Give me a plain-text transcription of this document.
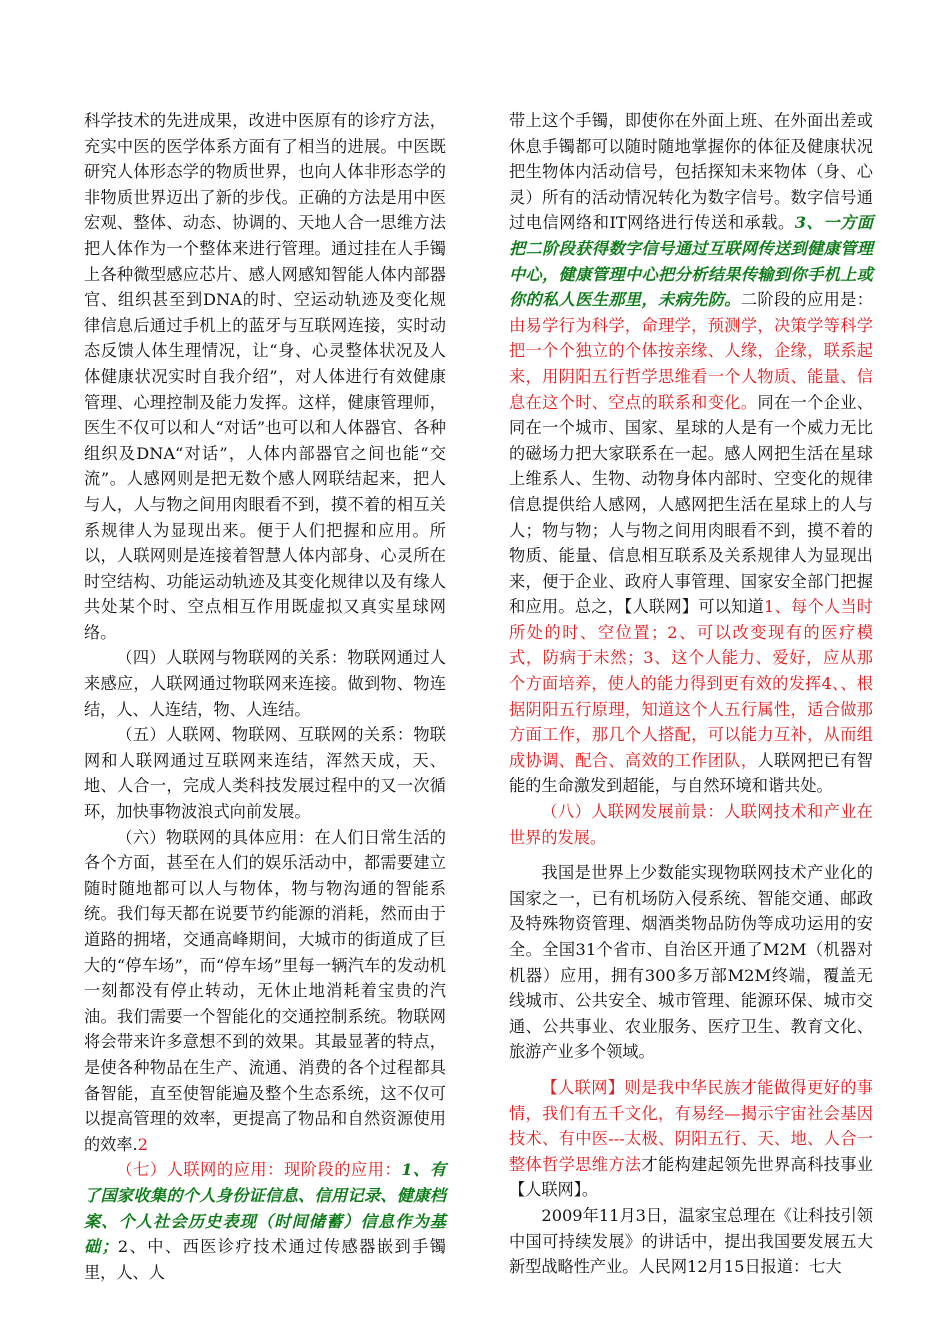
科学技术的先进成果，改进中医原有的诊疗方法，充实中医的医学体系方面有了相当的进展。中医既研究人体形态学的物质世界，也向人体非形态学的非物质世界迈出了新的步伐。正确的方法是用中医宏观、整体、动态、协调的、天地人合一思维方法 把人体作为一个整体来进行管理。通过挂在人手镯上各种微型感应芯片、感人网感知智能人体内部器官、组织甚至到DNA的时、空运动轨迹及变化规律信息后通过手机上的蓝牙与互联网连接，实时动态反馈人体生理情况，让“身、心灵整体状况及人体健康状况实时自我介绍”，对人体进行有效健康管理、心理控制及能力发挥。这样，健康管理师，医生不仅可以和人“对话”也可以和人体器官、各种组织及DNA“对话”，人体内部器官之间也能“交流”。人感网则是把无数个感人网联结起来，把人与人，人与物之间用肉眼看不到，摸不着的相互关系规律人为显现出来。便于人们把握和应用。所以，人联网则是连接着智慧人体内部身、心灵所在时空结构、功能运动轨迹及其变化规律以及有缘人共处某个时、空点相互作用既虚拟又真实星球网络。

（四）人联网与物联网的关系：物联网通过人来感应，人联网通过物联网来连接。做到物、物连结，人、人连结，物、人连结。

（五）人联网、物联网、互联网的关系：物联网和人联网通过互联网来连结，浑然天成，天、地、人合一，完成人类科技发展过程中的又一次循环，加快事物波浪式向前发展。

（六）物联网的具体应用：在人们日常生活的各个方面，甚至在人们的娱乐活动中，都需要建立随时随地都可以人与物体，物与物沟通的智能系统。我们每天都在说要节约能源的消耗，然而由于道路的拥堵，交通高峰期间，大城市的街道成了巨大的“停车场”，而“停车场”里每一辆汽车的发动机一刻都没有停止转动，无休止地消耗着宝贵的汽油。我们需要一个智能化的交通控制系统。物联网将会带来许多意想不到的效果。其最显著的特点，是使各种物品在生产、流通、消费的各个过程都具备智能，直至使智能遍及整个生态系统，这不仅可以提高管理的效率，更提高了物品和自然资源使用的效率.2

（七）人联网的应用：现阶段的应用：1、有了国家收集的个人身份证信息、信用记录、健康档案、个人社会历史表现（时间储蓄）信息作为基础；2、中、西医诊疗技术通过传感器嵌到手镯里，人、人

带上这个手镯，即使你在外面上班、在外面出差或休息手镯都可以随时随地掌握你的体征及健康状况把生物体内活动信号，包括探知未来物体（身、心灵）所有的活动情况转化为数字信号。数字信号通过电信网络和IT网络进行传送和承载。3、一方面把二阶段获得数字信号通过互联网传送到健康管理中心，健康管理中心把分析结果传输到你手机上或你的私人医生那里，未病先防。二阶段的应用是：由易学行为科学，命理学，预测学，决策学等科学把一个个独立的个体按亲缘、人缘，企缘，联系起来，用阴阳五行哲学思维看一个人物质、能量、信息在这个时、空点的联系和变化。同在一个企业、同在一个城市、国家、星球的人是有一个威力无比的磁场力把大家联系在一起。感人网把生活在星球上维系人、生物、动物身体内部时、空变化的规律信息提供给人感网，人感网把生活在星球上的人与人；物与物；人与物之间用肉眼看不到，摸不着的物质、能量、信息相互联系及关系规律人为显现出来，便于企业、政府人事管理、国家安全部门把握和应用。总之，【人联网】可以知道1、每个人当时所处的时、空位置；2、可以改变现有的医疗模式，防病于未然；3、这个人能力、爱好，应从那个方面培养，使人的能力得到更有效的发挥4、、根据阴阳五行原理，知道这个人五行属性，适合做那方面工作，那几个人搭配，可以能力互补，从而组成协调、配合、高效的工作团队，人联网把已有智能的生命激发到超能，与自然环境和谐共处。

（八）人联网发展前景：人联网技术和产业在世界的发展。

我国是世界上少数能实现物联网技术产业化的国家之一，已有机场防入侵系统、智能交通、邮政及特殊物资管理、烟酒类物品防伪等成功运用的安全。全国31个省市、自治区开通了M2M（机器对机器）应用，拥有300多万部M2M终端，覆盖无线城市、公共安全、城市管理、能源环保、城市交通、公共事业、农业服务、医疗卫生、教育文化、旅游产业多个领域。

【人联网】则是我中华民族才能做得更好的事情，我们有五千文化，有易经—揭示宇宙社会基因技术、有中医---太极、阴阳五行、天、地、人合一整体哲学思维方法才能构建起领先世界高科技事业【人联网】。

2009年11月3日，温家宝总理在《让科技引领中国可持续发展》的讲话中，提出我国要发展五大新型战略性产业。人民网12月15日报道：七大
